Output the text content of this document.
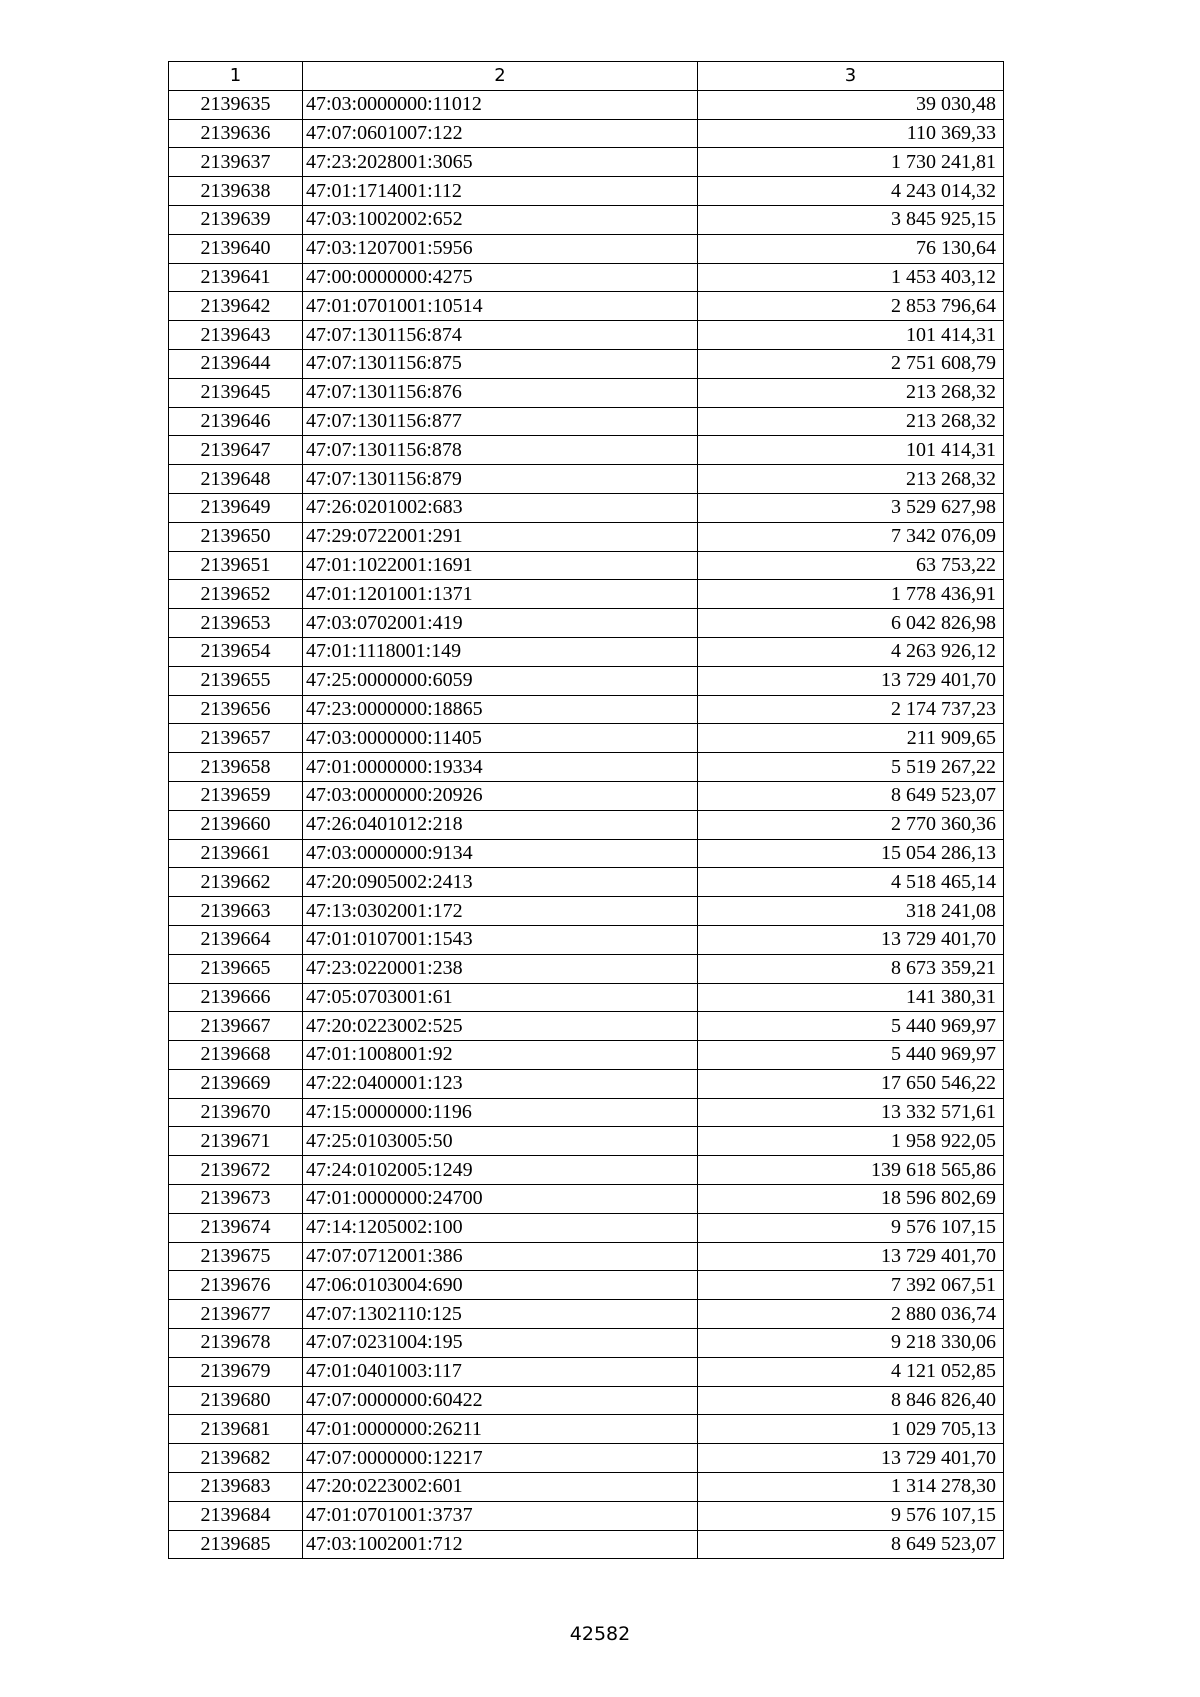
1	2	3
2139635	47:03:0000000:11012	39 030,48
2139636	47:07:0601007:122	110 369,33
2139637	47:23:2028001:3065	1 730 241,81
2139638	47:01:1714001:112	4 243 014,32
2139639	47:03:1002002:652	3 845 925,15
2139640	47:03:1207001:5956	76 130,64
2139641	47:00:0000000:4275	1 453 403,12
2139642	47:01:0701001:10514	2 853 796,64
2139643	47:07:1301156:874	101 414,31
2139644	47:07:1301156:875	2 751 608,79
2139645	47:07:1301156:876	213 268,32
2139646	47:07:1301156:877	213 268,32
2139647	47:07:1301156:878	101 414,31
2139648	47:07:1301156:879	213 268,32
2139649	47:26:0201002:683	3 529 627,98
2139650	47:29:0722001:291	7 342 076,09
2139651	47:01:1022001:1691	63 753,22
2139652	47:01:1201001:1371	1 778 436,91
2139653	47:03:0702001:419	6 042 826,98
2139654	47:01:1118001:149	4 263 926,12
2139655	47:25:0000000:6059	13 729 401,70
2139656	47:23:0000000:18865	2 174 737,23
2139657	47:03:0000000:11405	211 909,65
2139658	47:01:0000000:19334	5 519 267,22
2139659	47:03:0000000:20926	8 649 523,07
2139660	47:26:0401012:218	2 770 360,36
2139661	47:03:0000000:9134	15 054 286,13
2139662	47:20:0905002:2413	4 518 465,14
2139663	47:13:0302001:172	318 241,08
2139664	47:01:0107001:1543	13 729 401,70
2139665	47:23:0220001:238	8 673 359,21
2139666	47:05:0703001:61	141 380,31
2139667	47:20:0223002:525	5 440 969,97
2139668	47:01:1008001:92	5 440 969,97
2139669	47:22:0400001:123	17 650 546,22
2139670	47:15:0000000:1196	13 332 571,61
2139671	47:25:0103005:50	1 958 922,05
2139672	47:24:0102005:1249	139 618 565,86
2139673	47:01:0000000:24700	18 596 802,69
2139674	47:14:1205002:100	9 576 107,15
2139675	47:07:0712001:386	13 729 401,70
2139676	47:06:0103004:690	7 392 067,51
2139677	47:07:1302110:125	2 880 036,74
2139678	47:07:0231004:195	9 218 330,06
2139679	47:01:0401003:117	4 121 052,85
2139680	47:07:0000000:60422	8 846 826,40
2139681	47:01:0000000:26211	1 029 705,13
2139682	47:07:0000000:12217	13 729 401,70
2139683	47:20:0223002:601	1 314 278,30
2139684	47:01:0701001:3737	9 576 107,15
2139685	47:03:1002001:712	8 649 523,07
42582
